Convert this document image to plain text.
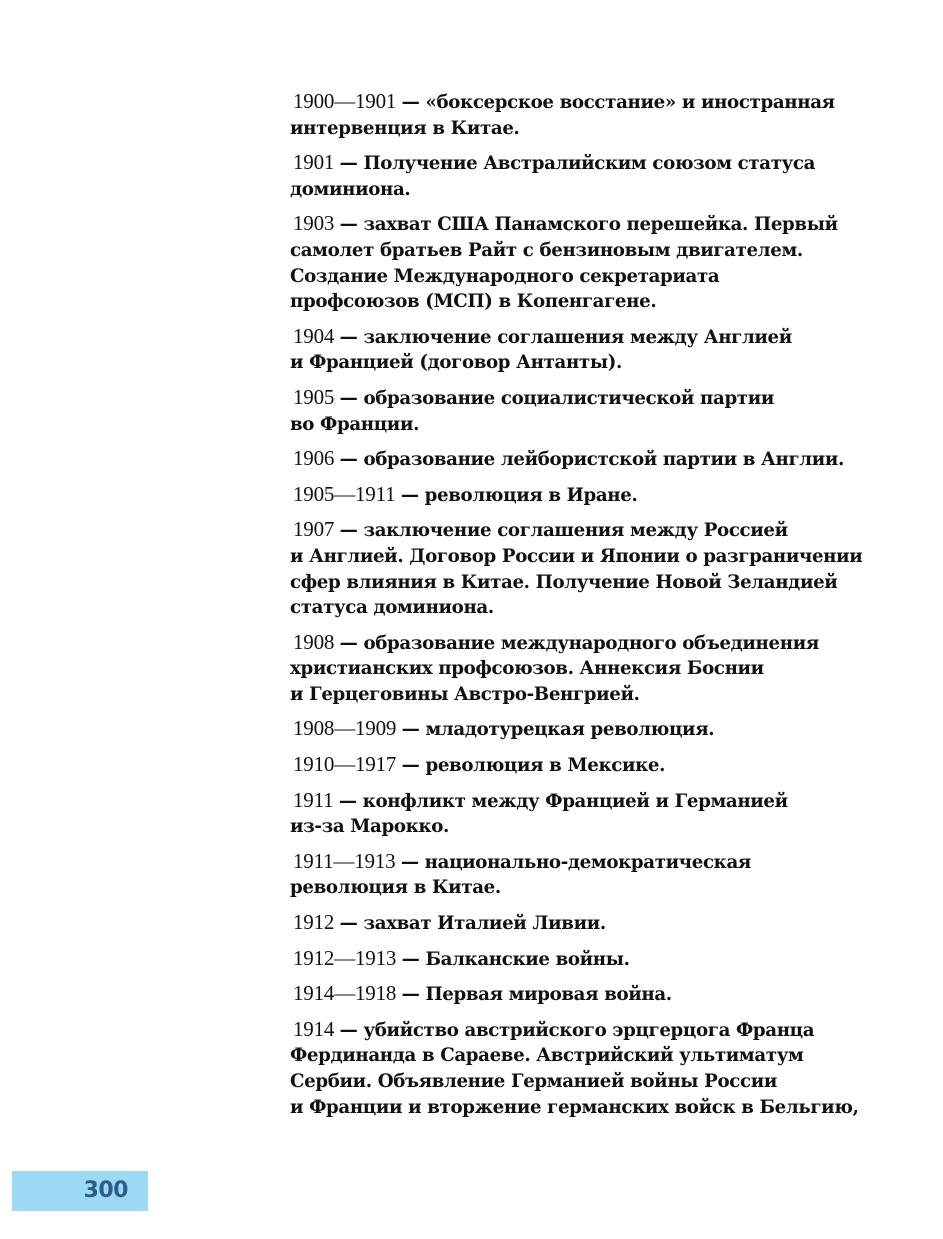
1900—1901 — «боксерское восстание» и иностранная
интервенция в Китае.
1901 — Получение Австралийским союзом статуса
доминиона.
1903 — захват США Панамского перешейка. Первый
самолет братьев Райт с бензиновым двигателем.
Создание Международного секретариата
профсоюзов (МСП) в Копенгагене.
1904 — заключение соглашения между Англией
и Францией (договор Антанты).
1905 — образование социалистической партии
во Франции.
1906 — образование лейбористской партии в Англии.
1905—1911 — революция в Иране.
1907 — заключение соглашения между Россией
и Англией. Договор России и Японии о разграничении
сфер влияния в Китае. Получение Новой Зеландией
статуса доминиона.
1908 — образование международного объединения
христианских профсоюзов. Аннексия Боснии
и Герцеговины Австро-Венгрией.
1908—1909 — младотурецкая революция.
1910—1917 — революция в Мексике.
1911 — конфликт между Францией и Германией
из-за Марокко.
1911—1913 — национально-демократическая
революция в Китае.
1912 — захват Италией Ливии.
1912—1913 — Балканские войны.
1914—1918 — Первая мировая война.
1914 — убийство австрийского эрцгерцога Франца
Фердинанда в Сараеве. Австрийский ультиматум
Сербии. Объявление Германией войны России
и Франции и вторжение германских войск в Бельгию,
300
